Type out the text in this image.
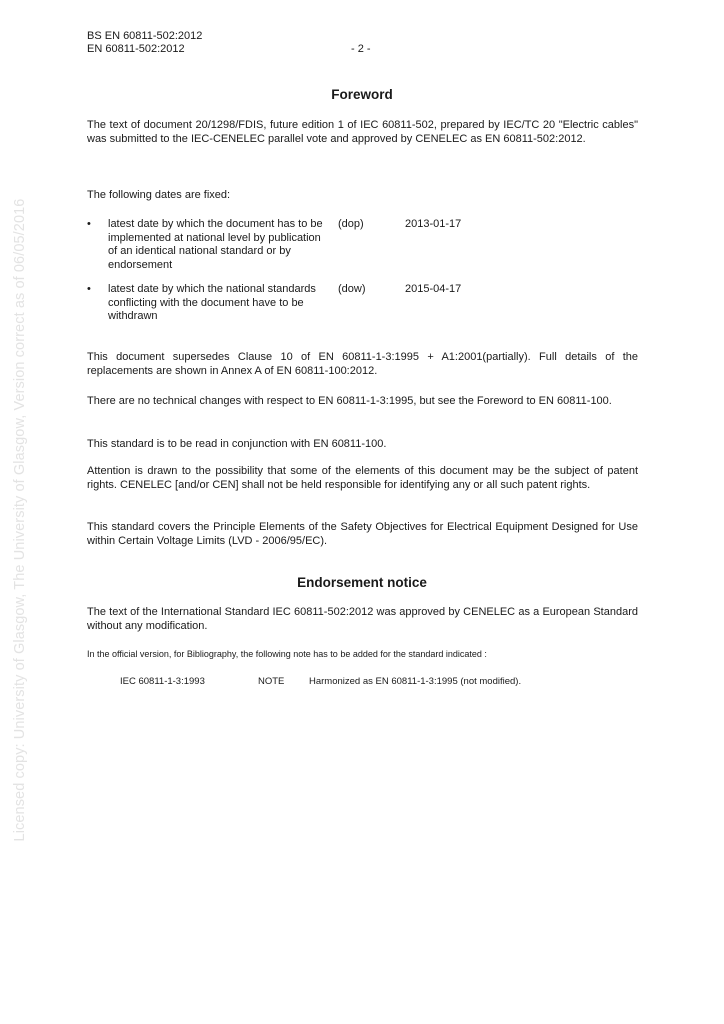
Licensed copy: University of Glasgow, The University of Glasgow, Version correct as of 06/05/2016
BS EN 60811-502:2012
EN 60811-502:2012	- 2 -
Foreword

The text of document 20/1298/FDIS, future edition 1 of IEC 60811-502, prepared by IEC/TC 20 "Electric cables" was submitted to the IEC-CENELEC parallel vote and approved by CENELEC as EN 60811-502:2012.

The following dates are fixed:

•	latest date by which the document has to be implemented at national level by publication of an identical national standard or by endorsement
(dop)	2013-01-17
•	latest date by which the national standards conflicting with the document have to be withdrawn
(dow)	2015-04-17

This document supersedes Clause 10 of EN 60811-1-3:1995 + A1:2001(partially). Full details of the replacements are shown in Annex A of EN 60811-100:2012.

There are no technical changes with respect to EN 60811-1-3:1995, but see the Foreword to EN 60811-100.

This standard is to be read in conjunction with EN 60811-100.

Attention is drawn to the possibility that some of the elements of this document may be the subject of patent rights. CENELEC [and/or CEN] shall not be held responsible for identifying any or all such patent rights.

This standard covers the Principle Elements of the Safety Objectives for Electrical Equipment Designed for Use within Certain Voltage Limits (LVD - 2006/95/EC).

Endorsement notice

The text of the International Standard IEC 60811-502:2012 was approved by CENELEC as a European Standard without any modification.

In the official version, for Bibliography, the following note has to be added for the standard indicated :

IEC 60811-1-3:1993	NOTE	Harmonized as EN 60811-1-3:1995 (not modified).
